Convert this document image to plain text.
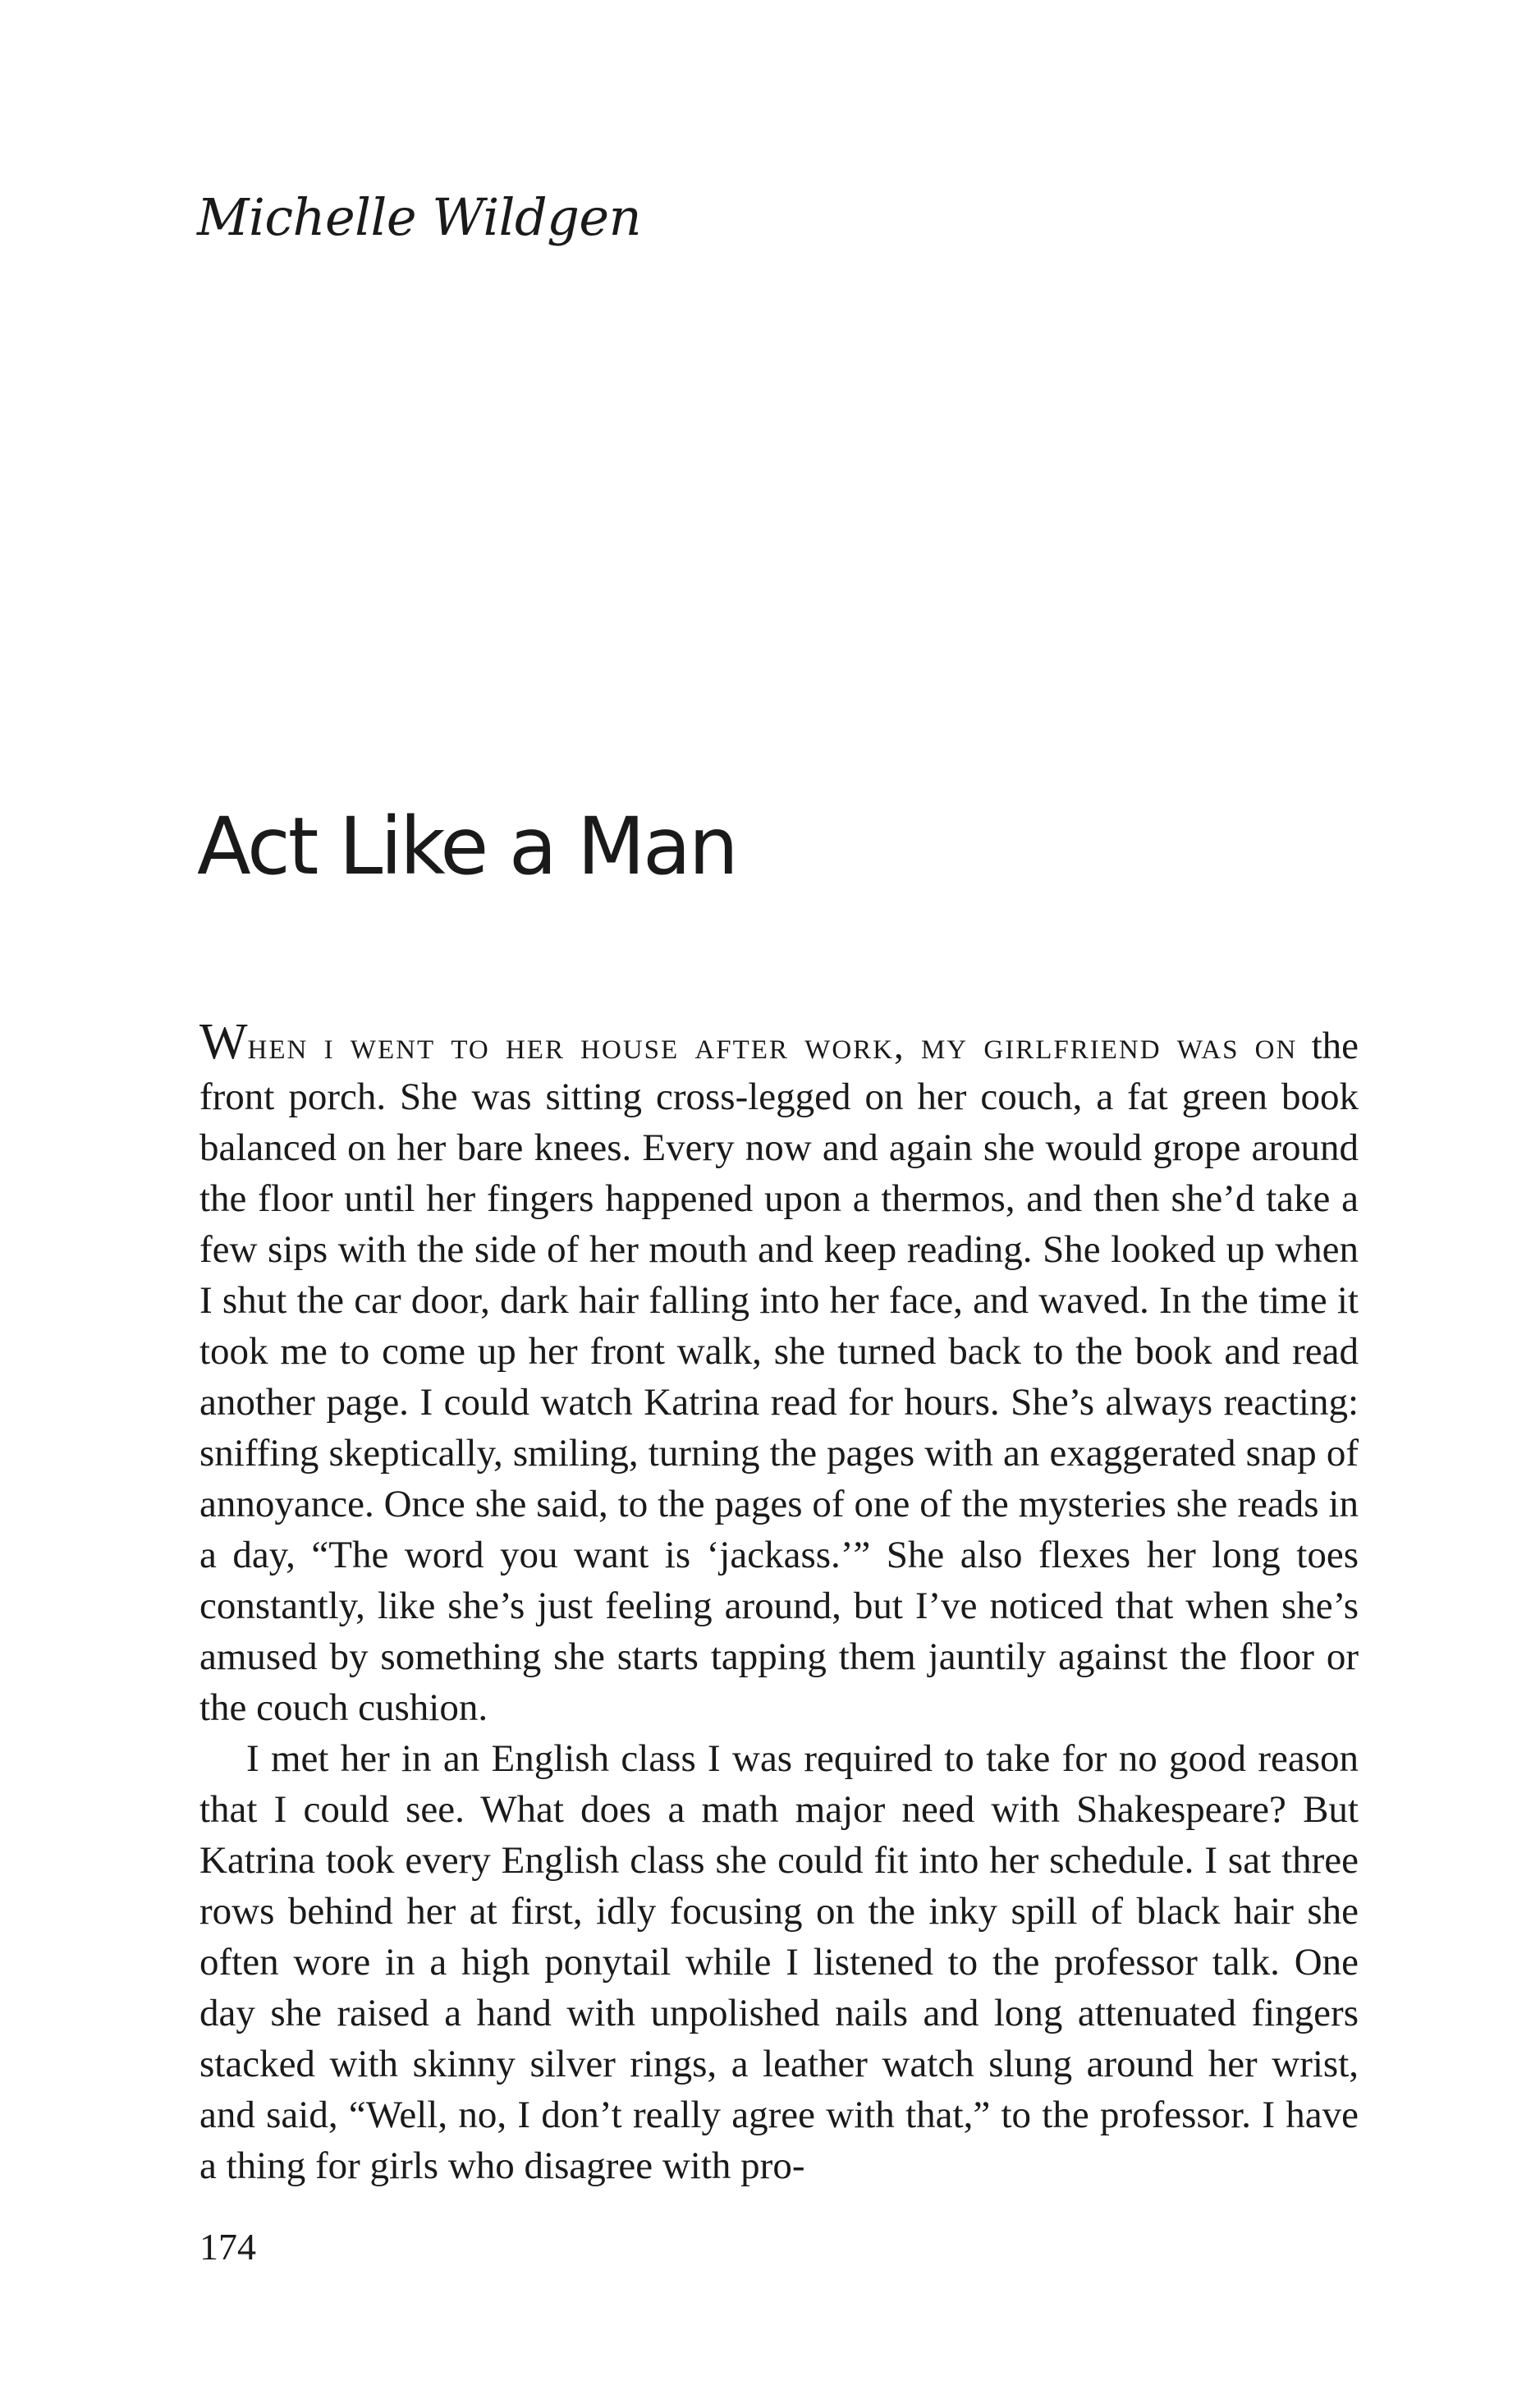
Michelle Wildgen
Act Like a Man

When i went to her house after work, my girlfriend was on the front porch. She was sitting cross-legged on her couch, a fat green book balanced on her bare knees. Every now and again she would grope around the floor until her fingers happened upon a thermos, and then she’d take a few sips with the side of her mouth and keep reading. She looked up when I shut the car door, dark hair falling into her face, and waved. In the time it took me to come up her front walk, she turned back to the book and read another page. I could watch Katrina read for hours. She’s always reacting: sniffing skeptically, smiling, turning the pages with an exaggerated snap of annoyance. Once she said, to the pages of one of the mysteries she reads in a day, “The word you want is ‘jackass.’” She also flexes her long toes constantly, like she’s just feeling around, but I’ve noticed that when she’s amused by something she starts tapping them jauntily against the floor or the couch cushion.

I met her in an English class I was required to take for no good reason that I could see. What does a math major need with Shakespeare? But Katrina took every English class she could fit into her schedule. I sat three rows behind her at first, idly focusing on the inky spill of black hair she often wore in a high ponytail while I listened to the professor talk. One day she raised a hand with unpolished nails and long attenuated fingers stacked with skinny silver rings, a leather watch slung around her wrist, and said, “Well, no, I don’t really agree with that,” to the professor. I have a thing for girls who disagree with pro-

174
